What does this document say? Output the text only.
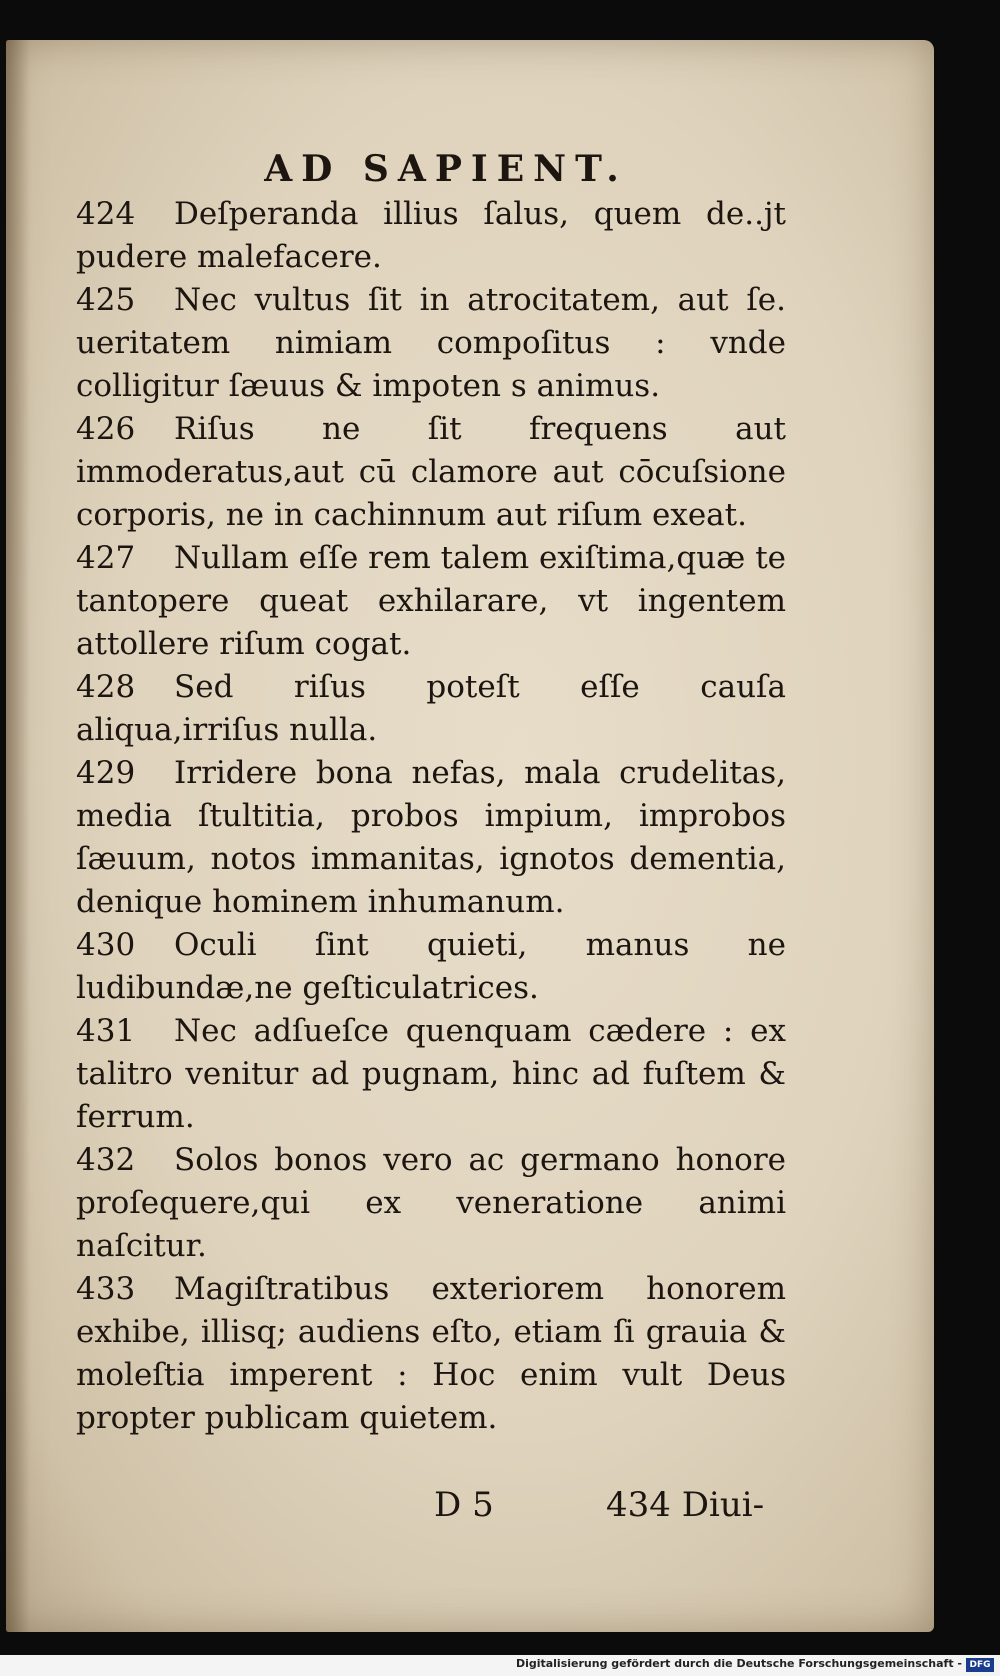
AD SAPIENT.

424 Deſperanda illius ſalus, quem de..jt pudere malefacere.

425 Nec vultus ſit in atrocitatem, aut ſe. ueritatem nimiam compoſitus : vnde colligitur ſæuus & impoten s animus.

426 Riſus ne ſit frequens aut immoderatus,aut cū clamore aut cōcuſsione corporis, ne in cachinnum aut riſum exeat.

427 Nullam eſſe rem talem exiſtima,quæ te tantopere queat exhilarare, vt ingentem attollere riſum cogat.

428 Sed riſus poteſt eſſe cauſa aliqua,irriſus nulla.

429 Irridere bona nefas, mala crudelitas, media ſtultitia, probos impium, improbos ſæuum, notos immanitas, ignotos dementia, denique hominem inhumanum.

430 Oculi ſint quieti, manus ne ludibundæ,ne geſticulatrices.

431 Nec adſueſce quenquam cædere : ex talitro venitur ad pugnam, hinc ad fuſtem & ferrum.

432 Solos bonos vero ac germano honore proſequere,qui ex veneratione animi naſcitur.

433 Magiſtratibus exteriorem honorem exhibe, illisq; audiens eſto, etiam ſi grauia & moleſtia imperent : Hoc enim vult Deus propter publicam quietem.

D 5	434 Diui-
Digitalisierung gefördert durch die Deutsche Forschungsgemeinschaft - DFG
